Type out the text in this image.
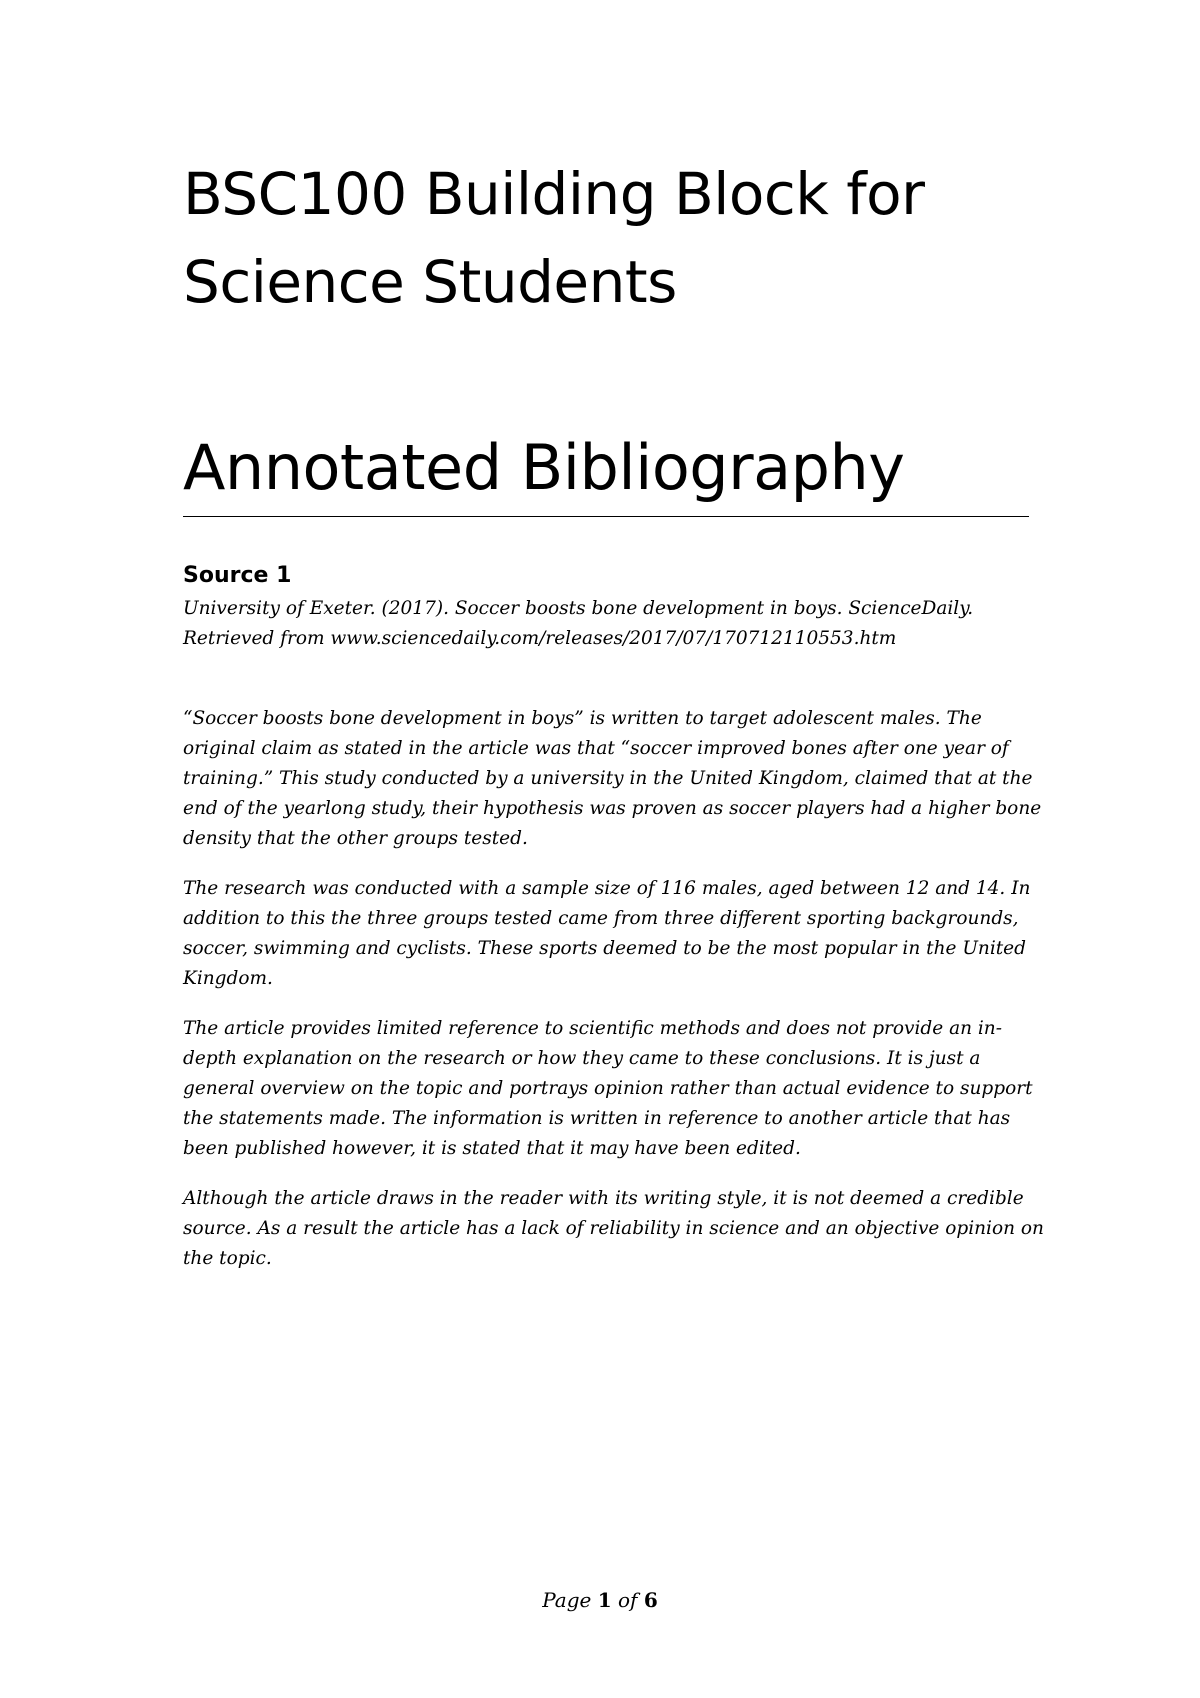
BSC100 Building Block for
Science Students
Annotated Bibliography
Source 1

University of Exeter. (2017). Soccer boosts bone development in boys. ScienceDaily.
Retrieved from www.sciencedaily.com/releases/2017/07/170712110553.htm

“Soccer boosts bone development in boys” is written to target adolescent males. The
original claim as stated in the article was that “soccer improved bones after one year of
training.” This study conducted by a university in the United Kingdom, claimed that at the
end of the yearlong study, their hypothesis was proven as soccer players had a higher bone
density that the other groups tested.

The research was conducted with a sample size of 116 males, aged between 12 and 14. In
addition to this the three groups tested came from three different sporting backgrounds,
soccer, swimming and cyclists. These sports deemed to be the most popular in the United
Kingdom.

The article provides limited reference to scientific methods and does not provide an in-
depth explanation on the research or how they came to these conclusions. It is just a
general overview on the topic and portrays opinion rather than actual evidence to support
the statements made. The information is written in reference to another article that has
been published however, it is stated that it may have been edited.

Although the article draws in the reader with its writing style, it is not deemed a credible
source. As a result the article has a lack of reliability in science and an objective opinion on
the topic.

Page 1 of 6
